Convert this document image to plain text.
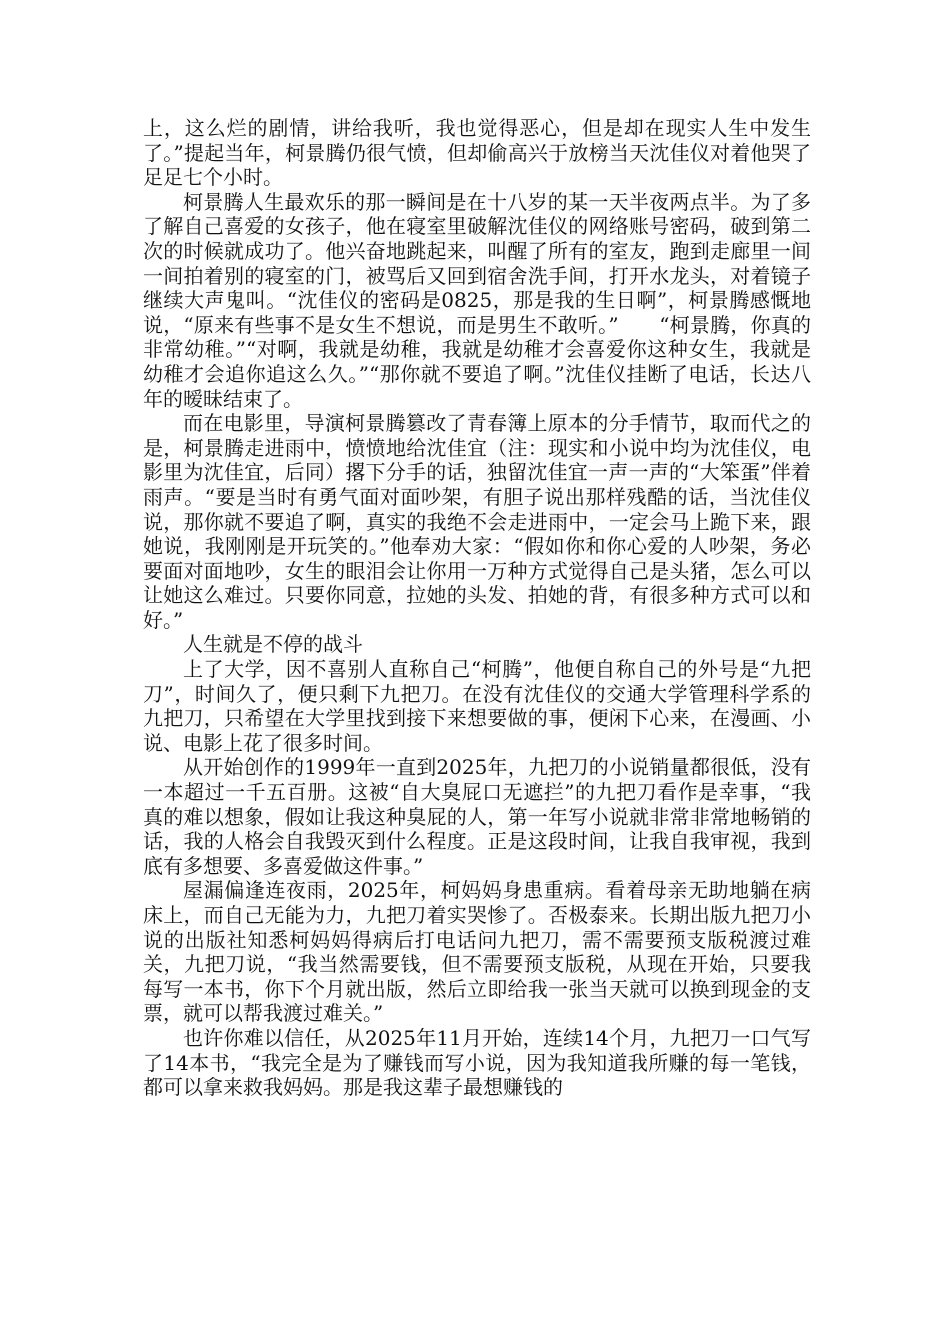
上，这么烂的剧情，讲给我听，我也觉得恶心，但是却在现实人生中发生了。”提起当年，柯景腾仍很气愤，但却偷高兴于放榜当天沈佳仪对着他哭了足足七个小时。

柯景腾人生最欢乐的那一瞬间是在十八岁的某一天半夜两点半。为了多了解自己喜爱的女孩子，他在寝室里破解沈佳仪的网络账号密码，破到第二次的时候就成功了。他兴奋地跳起来，叫醒了所有的室友，跑到走廊里一间一间拍着别的寝室的门，被骂后又回到宿舍洗手间，打开水龙头，对着镜子继续大声鬼叫。“沈佳仪的密码是0825，那是我的生日啊”，柯景腾感慨地说，“原来有些事不是女生不想说，而是男生不敢听。”　　“柯景腾，你真的非常幼稚。”“对啊，我就是幼稚，我就是幼稚才会喜爱你这种女生，我就是幼稚才会追你追这么久。”“那你就不要追了啊。”沈佳仪挂断了电话，长达八年的暧昧结束了。

而在电影里，导演柯景腾篡改了青春簿上原本的分手情节，取而代之的是，柯景腾走进雨中，愤愤地给沈佳宜（注：现实和小说中均为沈佳仪，电影里为沈佳宜，后同）撂下分手的话，独留沈佳宜一声一声的“大笨蛋”伴着雨声。“要是当时有勇气面对面吵架，有胆子说出那样残酷的话，当沈佳仪说，那你就不要追了啊，真实的我绝不会走进雨中，一定会马上跪下来，跟她说，我刚刚是开玩笑的。”他奉劝大家：“假如你和你心爱的人吵架，务必要面对面地吵，女生的眼泪会让你用一万种方式觉得自己是头猪，怎么可以让她这么难过。只要你同意，拉她的头发、拍她的背，有很多种方式可以和好。”

人生就是不停的战斗

上了大学，因不喜别人直称自己“柯腾”，他便自称自己的外号是“九把刀”，时间久了，便只剩下九把刀。在没有沈佳仪的交通大学管理科学系的九把刀，只希望在大学里找到接下来想要做的事，便闲下心来，在漫画、小说、电影上花了很多时间。

从开始创作的1999年一直到2025年，九把刀的小说销量都很低，没有一本超过一千五百册。这被“自大臭屁口无遮拦”的九把刀看作是幸事，“我真的难以想象，假如让我这种臭屁的人，第一年写小说就非常非常地畅销的话，我的人格会自我毁灭到什么程度。正是这段时间，让我自我审视，我到底有多想要、多喜爱做这件事。”

屋漏偏逢连夜雨，2025年，柯妈妈身患重病。看着母亲无助地躺在病床上，而自己无能为力，九把刀着实哭惨了。否极泰来。长期出版九把刀小说的出版社知悉柯妈妈得病后打电话问九把刀，需不需要预支版税渡过难关，九把刀说，“我当然需要钱，但不需要预支版税，从现在开始，只要我每写一本书，你下个月就出版，然后立即给我一张当天就可以换到现金的支票，就可以帮我渡过难关。”

也许你难以信任，从2025年11月开始，连续14个月，九把刀一口气写了14本书，“我完全是为了赚钱而写小说，因为我知道我所赚的每一笔钱，都可以拿来救我妈妈。那是我这辈子最想赚钱的
